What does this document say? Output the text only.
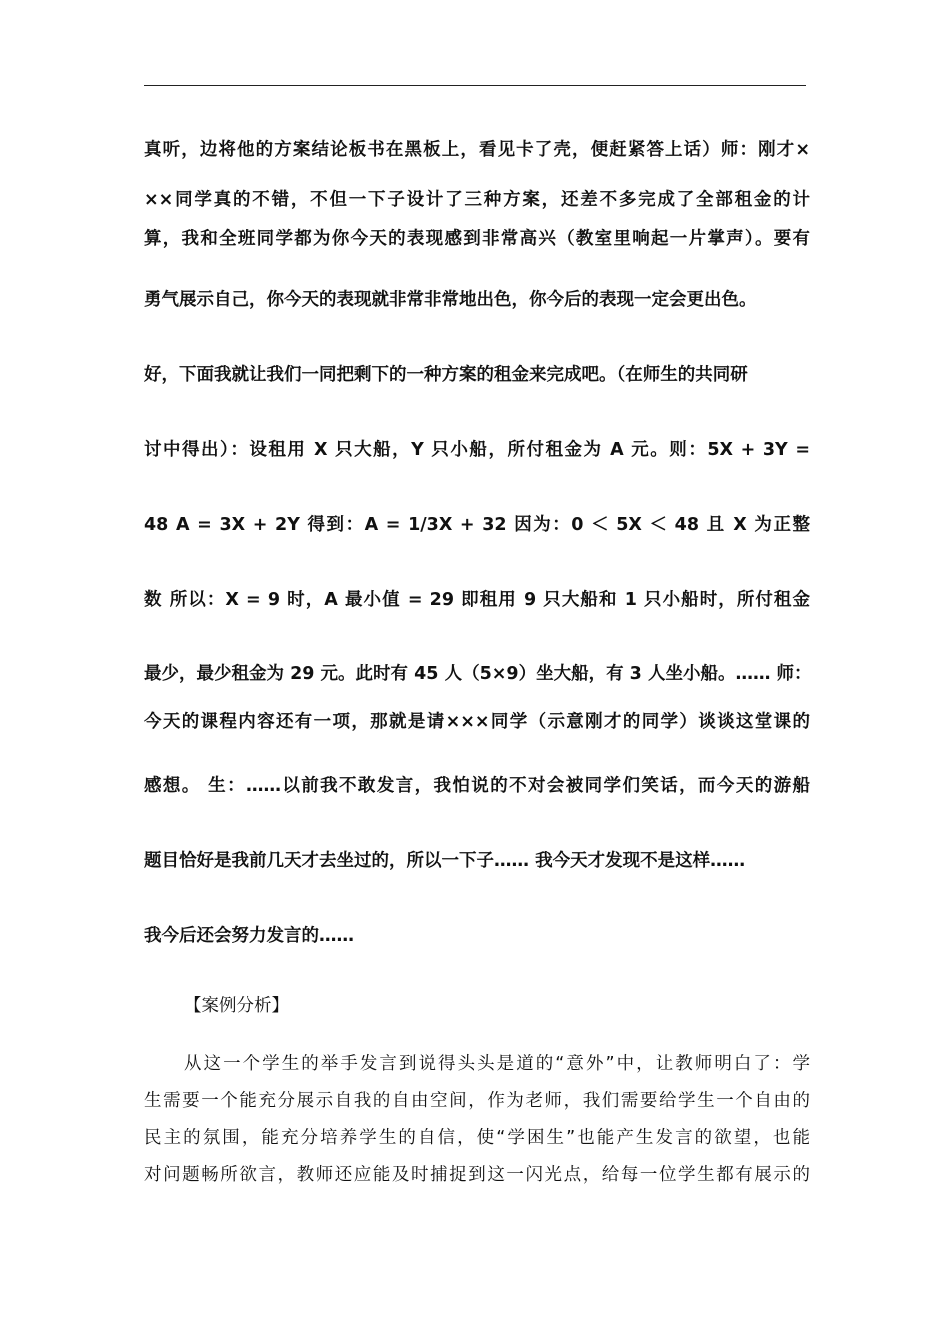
真听，边将他的方案结论板书在黑板上，看见卡了壳，便赶紧答上话）师：刚才×
××同学真的不错，不但一下子设计了三种方案，还差不多完成了全部租金的计
算，我和全班同学都为你今天的表现感到非常高兴（教室里响起一片掌声）。要有
勇气展示自己，你今天的表现就非常非常地出色，你今后的表现一定会更出色。
好，下面我就让我们一同把剩下的一种方案的租金来完成吧。（在师生的共同研
讨中得出）：设租用 X 只大船，Y 只小船，所付租金为 A 元。则：5X + 3Y =
48 A = 3X + 2Y 得到：A = 1/3X + 32 因为：0 ＜ 5X ＜ 48 且 X 为正整
数 所以：X = 9 时，A 最小值 = 29 即租用 9 只大船和 1 只小船时，所付租金
最少，最少租金为 29 元。此时有 45 人（5×9）坐大船，有 3 人坐小船。…… 师：
今天的课程内容还有一项，那就是请×××同学（示意刚才的同学）谈谈这堂课的
感想。 生：……以前我不敢发言，我怕说的不对会被同学们笑话，而今天的游船
题目恰好是我前几天才去坐过的，所以一下子…… 我今天才发现不是这样……
我今后还会努力发言的……
【案例分析】
从这一个学生的举手发言到说得头头是道的“意外”中，让教师明白了：学
生需要一个能充分展示自我的自由空间，作为老师，我们需要给学生一个自由的
民主的氛围，能充分培养学生的自信，使“学困生”也能产生发言的欲望，也能
对问题畅所欲言，教师还应能及时捕捉到这一闪光点，给每一位学生都有展示的
